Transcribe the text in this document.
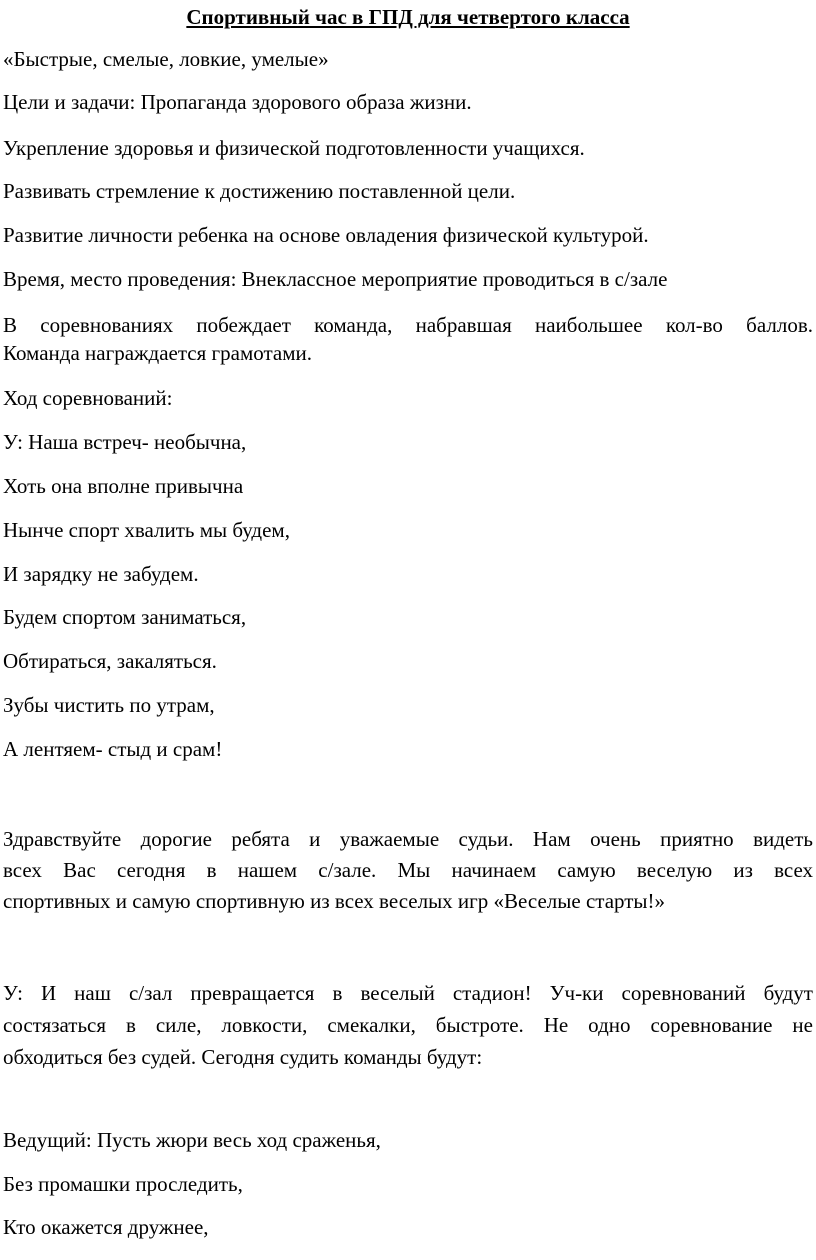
Спортивный час в ГПД для четвертого класса
«Быстрые, смелые, ловкие, умелые»
Цели и задачи: Пропаганда здорового образа жизни.
Укрепление здоровья и физической подготовленности учащихся.
Развивать стремление к достижению поставленной цели.
Развитие личности ребенка на основе овладения физической культурой.
Время, место проведения: Внеклассное мероприятие проводиться в с/зале
В соревнованиях побеждает команда, набравшая наибольшее кол-во баллов.
Команда награждается грамотами.
Ход соревнований:
У: Наша встреч- необычна,
Хоть она вполне привычна
Нынче спорт хвалить мы будем,
И зарядку не забудем.
Будем спортом заниматься,
Обтираться, закаляться.
Зубы чистить по утрам,
А лентяем- стыд и срам!
Здравствуйте дорогие ребята и уважаемые судьи. Нам очень приятно видеть
всех Вас сегодня в нашем с/зале. Мы начинаем самую веселую из всех
спортивных и самую спортивную из всех веселых игр «Веселые старты!»
У: И наш с/зал превращается в веселый стадион! Уч-ки соревнований будут
состязаться в силе, ловкости, смекалки, быстроте. Не одно соревнование не
обходиться без судей. Сегодня судить команды будут:
Ведущий: Пусть жюри весь ход сраженья,
Без промашки проследить,
Кто окажется дружнее,
